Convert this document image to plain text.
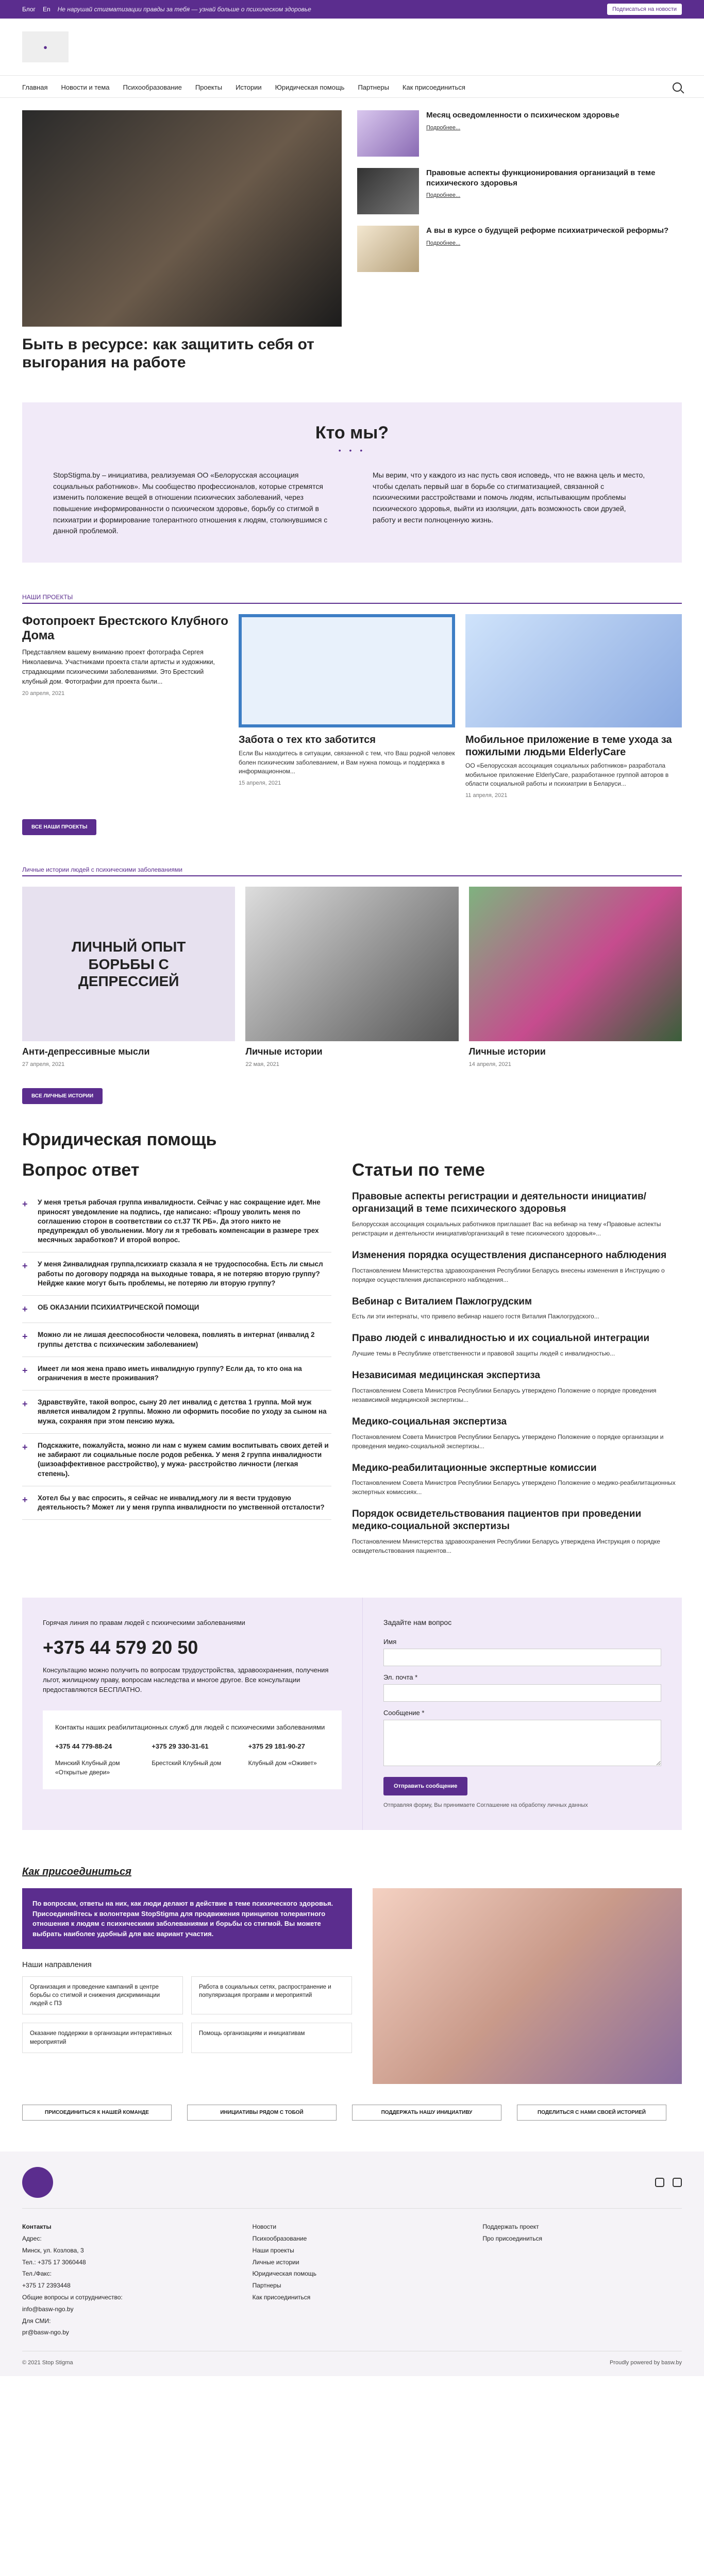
Блог En Не нарушай стигматизации правды за тебя — узнай больше о психическом здоровье	Подписаться на новости
●
Главная Новости и тема Психообразование Проекты Истории Юридическая помощь Партнеры Как присоединиться
Быть в ресурсе: как защитить себя от выгорания на работе
Месяц осведомленности о психическом здоровье
Подробнее...
Правовые аспекты функционирования организаций в теме психического здоровья
Подробнее...
А вы в курсе о будущей реформе психиатрической реформы?
Подробнее...
Кто мы?
• • •

StopStigma.by – инициатива, реализуемая ОО «Белорусская ассоциация социальных работников». Мы сообщество профессионалов, которые стремятся изменить положение вещей в отношении психических заболеваний, через повышение информированности о психическом здоровье, борьбу со стигмой в психиатрии и формирование толерантного отношения к людям, столкнувшимся с данной проблемой.

Мы верим, что у каждого из нас пусть своя исповедь, что не важна цель и место, чтобы сделать первый шаг в борьбе со стигматизацией, связанной с психическими расстройствами и помочь людям, испытывающим проблемы психического здоровья, выйти из изоляции, дать возможность свои друзей, работу и вести полноценную жизнь.

НАШИ ПРОЕКТЫ
Фотопроект Брестского Клубного Дома

Представляем вашему вниманию проект фотографа Сергея Николаевича. Участниками проекта стали артисты и художники, страдающими психическими заболеваниями. Это Брестский клубный дом. Фотографии для проекта были...

20 апреля, 2021
Забота о тех кто заботится

Если Вы находитесь в ситуации, связанной с тем, что Ваш родной человек болен психическим заболеванием, и Вам нужна помощь и поддержка в информационном...

15 апреля, 2021
Мобильное приложение в теме ухода за пожилыми людьми ElderlyCare

ОО «Белорусская ассоциация социальных работников» разработала мобильное приложение ElderlyCare, разработанное группой авторов в области социальной работы и психиатрии в Беларуси...

11 апреля, 2021
ВСЕ НАШИ ПРОЕКТЫ
Личные истории людей с психическими заболеваниями
ЛИЧНЫЙ ОПЫТ БОРЬБЫ С ДЕПРЕССИЕЙ
Анти-депрессивные мысли
27 апреля, 2021
Личные истории
22 мая, 2021
Личные истории
14 апреля, 2021
ВСЕ ЛИЧНЫЕ ИСТОРИИ
Юридическая помощь
Вопрос ответ
+	У меня третья рабочая группа инвалидности. Сейчас у нас сокращение идет. Мне приносят уведомление на подпись, где написано: «Прошу уволить меня по соглашению сторон в соответствии со ст.37 ТК РБ». Да этого никто не предупреждал об увольнении. Могу ли я требовать компенсации в размере трех месячных заработков? И второй вопрос.
+	У меня 2инвалидная группа,психиатр сказала я не трудоспособна. Есть ли смысл работы по договору подряда на выходные товара, я не потеряю вторую группу?Нейдже какие могут быть проблемы, не потеряю ли вторую группу?
+	ОБ ОКАЗАНИИ ПСИХИАТРИЧЕСКОЙ ПОМОЩИ
+	Можно ли не лишая дееспособности человека, повлиять в интернат (инвалид 2 группы детства с психическим заболеванием)
+	Имеет ли моя жена право иметь инвалидную группу? Если да, то кто она на ограничения в месте проживания?
+	Здравствуйте, такой вопрос, сыну 20 лет инвалид с детства 1 группа. Мой муж является инвалидом 2 группы. Можно ли оформить пособие по уходу за сыном на мужа, сохраняя при этом пенсию мужа.
+	Подскажите, пожалуйста, можно ли нам с мужем самим воспитывать своих детей и не забирают ли социальные после родов ребенка. У меня 2 группа инвалидности (шизоаффективное расстройство), у мужа- расстройство личности (легкая степень).
+	Хотел бы у вас спросить, я сейчас не инвалид,могу ли я вести трудовую деятельность? Может ли у меня группа инвалидности по умственной отсталости?
Статьи по теме
Правовые аспекты регистрации и деятельности инициатив/организаций в теме психического здоровья

Белорусская ассоциация социальных работников приглашает Вас на вебинар на тему «Правовые аспекты регистрации и деятельности инициатив/организаций в теме психического здоровья»...

Изменения порядка осуществления диспансерного наблюдения

Постановлением Министерства здравоохранения Республики Беларусь внесены изменения в Инструкцию о порядке осуществления диспансерного наблюдения...

Вебинар с Виталием Пажлогрудским

Есть ли эти интернаты, что привело вебинар нашего гостя Виталия Пажлогрудского...

Право людей с инвалидностью и их социальной интеграции

Лучшие темы в Республике ответственности и правовой защиты людей с инвалидностью...

Независимая медицинская экспертиза

Постановлением Совета Министров Республики Беларусь утверждено Положение о порядке проведения независимой медицинской экспертизы...

Медико-социальная экспертиза

Постановлением Совета Министров Республики Беларусь утверждено Положение о порядке организации и проведения медико-социальной экспертизы...

Медико-реабилитационные экспертные комиссии

Постановлением Совета Министров Республики Беларусь утверждено Положение о медико-реабилитационных экспертных комиссиях...

Порядок освидетельствования пациентов при проведении медико-социальной экспертизы

Постановлением Министерства здравоохранения Республики Беларусь утверждена Инструкция о порядке освидетельствования пациентов...

Горячая линия по правам людей с психическими заболеваниями
+375 44 579 20 50
Консультацию можно получить по вопросам трудоустройства, здравоохранения, получения льгот, жилищному праву, вопросам наследства и многое другое. Все консультации предоставляются БЕСПЛАТНО.
Контакты наших реабилитационных служб для людей с психическими заболеваниями
+375 44 779-88-24
Минский Клубный дом «Открытые двери»
+375 29 330-31-61
Брестский Клубный дом
+375 29 181-90-27
Клубный дом «Оживет»
Задайте нам вопрос
Имя
Эл. почта *
Сообщение *
Отправить сообщение
Отправляя форму, Вы принимаете Соглашение на обработку личных данных
Как присоединиться
По вопросам, ответы на них, как люди делают в действие в теме психического здоровья. Присоединяйтесь к волонтерам StopStigma для продвижения принципов толерантного отношения к людям с психическими заболеваниями и борьбы со стигмой. Вы можете выбрать наиболее удобный для вас вариант участия.
Наши направления
Организация и проведение кампаний в центре борьбы со стигмой и снижения дискриминации людей с ПЗ
Работа в социальных сетях, распространение и популяризация программ и мероприятий
Оказание поддержки в организации интерактивных мероприятий
Помощь организациям и инициативам
ПРИСОЕДИНИТЬСЯ К НАШЕЙ КОМАНДЕ	ИНИЦИАТИВЫ РЯДОМ С ТОБОЙ	ПОДДЕРЖАТЬ НАШУ ИНИЦИАТИВУ	ПОДЕЛИТЬСЯ С НАМИ СВОЕЙ ИСТОРИЕЙ
Контакты
Адрес:
Минск, ул. Козлова, 3
Тел.: +375 17 3060448
Тел./Факс:
+375 17 2393448
Общие вопросы и сотрудничество:
info@basw-ngo.by
Для СМИ:
pr@basw-ngo.by
Новости
Психообразование
Наши проекты
Личные истории
Юридическая помощь
Партнеры
Как присоединиться
Поддержать проект
Про присоединиться
© 2021 Stop Stigma	Proudly powered by basw.by
